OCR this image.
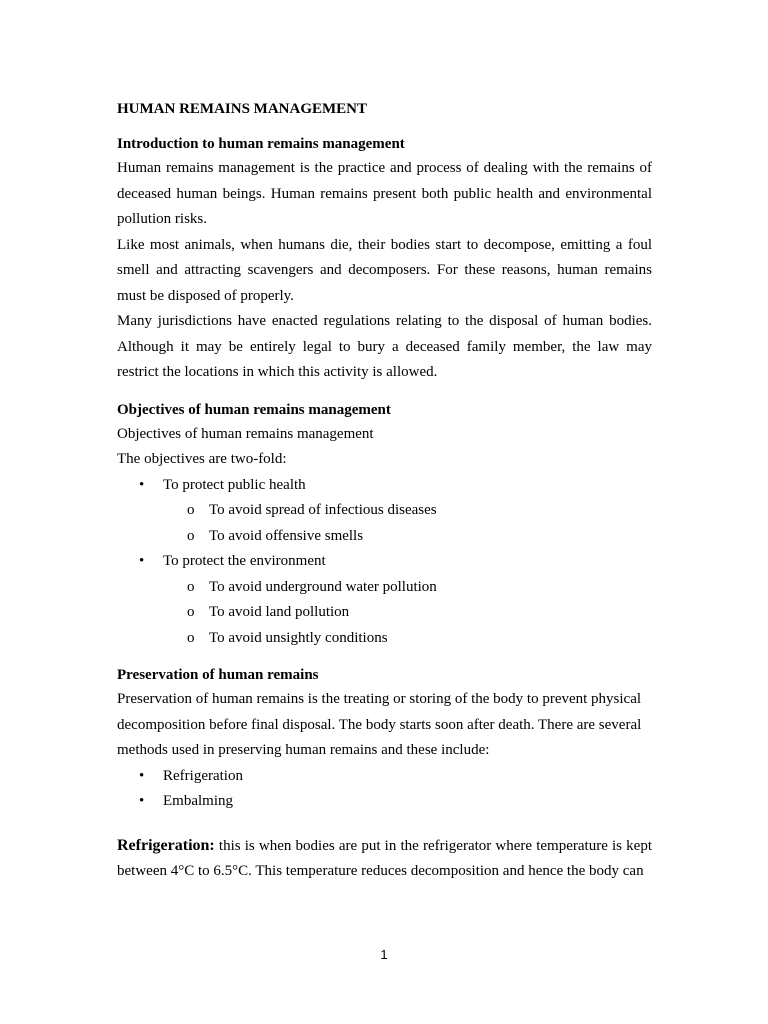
HUMAN REMAINS MANAGEMENT
Introduction to human remains management

Human remains management is the practice and process of dealing with the remains of deceased human beings. Human remains present both public health and environmental pollution risks.

Like most animals, when humans die, their bodies start to decompose, emitting a foul smell and attracting scavengers and decomposers. For these reasons, human remains must be disposed of properly.

Many jurisdictions have enacted regulations relating to the disposal of human bodies. Although it may be entirely legal to bury a deceased family member, the law may restrict the locations in which this activity is allowed.

Objectives of human remains management

Objectives of human remains management

The objectives are two-fold:

• To protect public health
o To avoid spread of infectious diseases
o To avoid offensive smells
• To protect the environment
o To avoid underground water pollution
o To avoid land pollution
o To avoid unsightly conditions
Preservation of human remains

Preservation of human remains is the treating or storing of the body to prevent physical decomposition before final disposal. The body starts soon after death. There are several methods used in preserving human remains and these include:

• Refrigeration
• Embalming

Refrigeration: this is when bodies are put in the refrigerator where temperature is kept between 4°C to 6.5°C. This temperature reduces decomposition and hence the body can

1
